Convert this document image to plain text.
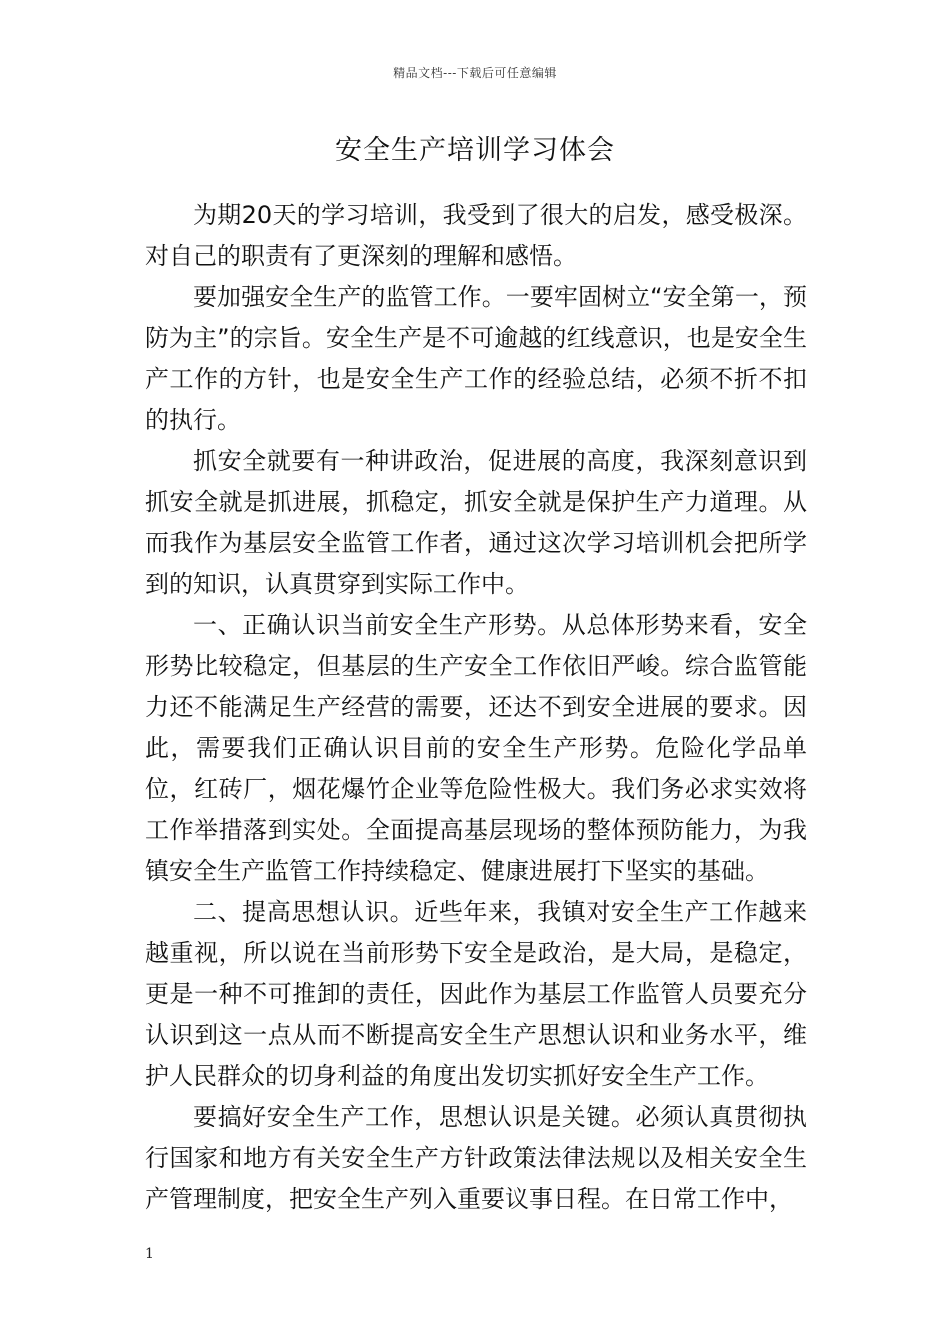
精品文档---下载后可任意编辑
安全生产培训学习体会

为期20天的学习培训，我受到了很大的启发，感受极深。对自己的职责有了更深刻的理解和感悟。

要加强安全生产的监管工作。一要牢固树立“安全第一，预防为主”的宗旨。安全生产是不可逾越的红线意识，也是安全生产工作的方针，也是安全生产工作的经验总结，必须不折不扣的执行。

抓安全就要有一种讲政治，促进展的高度，我深刻意识到抓安全就是抓进展，抓稳定，抓安全就是保护生产力道理。从而我作为基层安全监管工作者，通过这次学习培训机会把所学到的知识，认真贯穿到实际工作中。

一、正确认识当前安全生产形势。从总体形势来看，安全形势比较稳定，但基层的生产安全工作依旧严峻。综合监管能力还不能满足生产经营的需要，还达不到安全进展的要求。因此，需要我们正确认识目前的安全生产形势。危险化学品单位，红砖厂，烟花爆竹企业等危险性极大。我们务必求实效将工作举措落到实处。全面提高基层现场的整体预防能力，为我镇安全生产监管工作持续稳定、健康进展打下坚实的基础。

二、提高思想认识。近些年来，我镇对安全生产工作越来越重视，所以说在当前形势下安全是政治，是大局，是稳定，更是一种不可推卸的责任，因此作为基层工作监管人员要充分认识到这一点从而不断提高安全生产思想认识和业务水平，维护人民群众的切身利益的角度出发切实抓好安全生产工作。

要搞好安全生产工作，思想认识是关键。必须认真贯彻执行国家和地方有关安全生产方针政策法律法规以及相关安全生产管理制度，把安全生产列入重要议事日程。在日常工作中，

1
